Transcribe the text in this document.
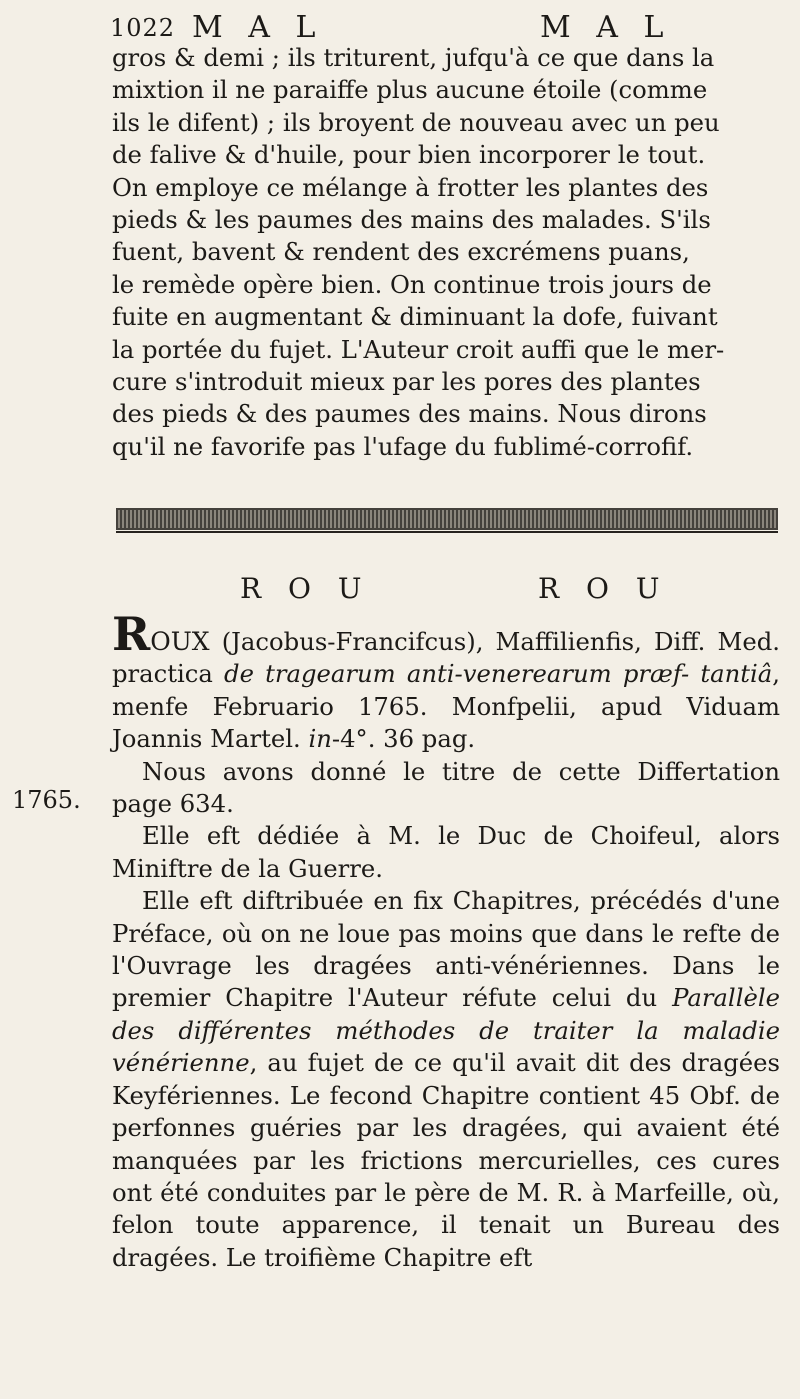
1022 M A L	M A L

gros & demi ; ils triturent, jufqu'à ce que dans la

mixtion il ne paraiffe plus aucune étoile (comme

ils le difent) ; ils broyent de nouveau avec un peu

de falive & d'huile, pour bien incorporer le tout.

On employe ce mélange à frotter les plantes des

pieds & les paumes des mains des malades. S'ils

fuent, bavent & rendent des excrémens puans,

le remède opère bien. On continue trois jours de

fuite en augmentant & diminuant la dofe, fuivant

la portée du fujet. L'Auteur croit auffi que le mer-

cure s'introduit mieux par les pores des plantes

des pieds & des paumes des mains. Nous dirons

qu'il ne favorife pas l'ufage du fublimé-corrofif.

R O U	R O U
1765.

ROUX (Jacobus-Francifcus), Maffilienfis, Diff. Med. practica de tragearum anti-venerearum præf- tantiâ, menfe Februario 1765. Monfpelii, apud Viduam Joannis Martel. in-4°. 36 pag.

Nous avons donné le titre de cette Differtation page 634.

Elle eft dédiée à M. le Duc de Choifeul, alors Miniftre de la Guerre.

Elle eft diftribuée en fix Chapitres, précédés d'une Préface, où on ne loue pas moins que dans le refte de l'Ouvrage les dragées anti-vénériennes. Dans le premier Chapitre l'Auteur réfute celui du Parallèle des différentes méthodes de traiter la maladie vénérienne, au fujet de ce qu'il avait dit des dragées Keyfériennes. Le fecond Chapitre contient 45 Obf. de perfonnes guéries par les dragées, qui avaient été manquées par les frictions mercurielles, ces cures ont été conduites par le père de M. R. à Marfeille, où, felon toute apparence, il tenait un Bureau des dragées. Le troifième Chapitre eft
